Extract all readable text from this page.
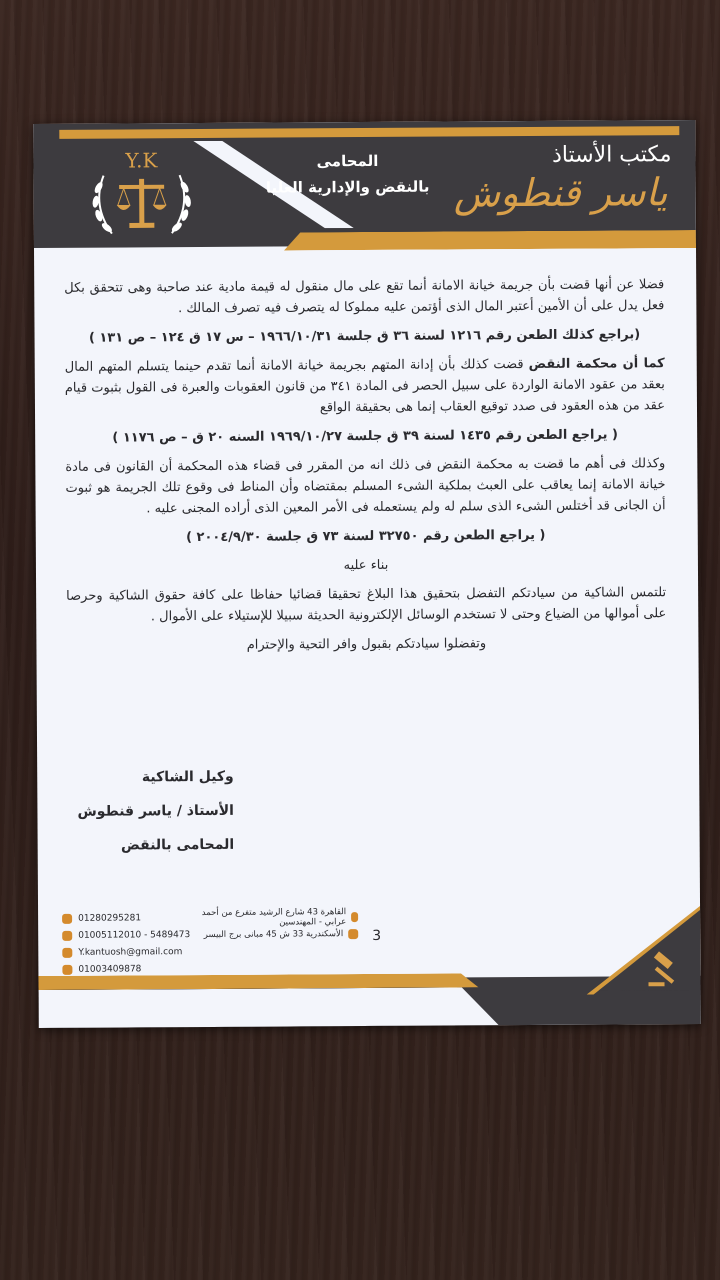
Y.K	مكتب الأستاذ
ياسر قنطوش
المحامى
بالنقض والإدارية العليا

فضلا عن أنها قضت بأن جريمة خيانة الامانة أنما تقع على مال منقول له قيمة مادية عند صاحبة وهى تتحقق بكل فعل يدل على أن الأمين أعتبر المال الذى أؤتمن عليه مملوكا له يتصرف فيه تصرف المالك .

(براجع كذلك الطعن رقم ١٢١٦ لسنة ٣٦ ق جلسة ١٩٦٦/١٠/٣١ – س ١٧ ق ١٢٤ – ص ١٣١ )

كما أن محكمة النقض قضت كذلك بأن إدانة المتهم بجريمة خيانة الامانة أنما تقدم حينما يتسلم المتهم المال بعقد من عقود الامانة الواردة على سبيل الحصر فى المادة ٣٤١ من قانون العقوبات والعبرة فى القول بثبوت قيام عقد من هذه العقود فى صدد توقيع العقاب إنما هى بحقيقة الواقع

( يراجع الطعن رقم ١٤٣٥ لسنة ٣٩ ق جلسة ١٩٦٩/١٠/٢٧ السنه ٢٠ ق – ص ١١٧٦ )

وكذلك فى أهم ما قضت به محكمة النقض فى ذلك انه من المقرر فى قضاء هذه المحكمة أن القانون فى مادة خيانة الامانة إنما يعاقب على العبث بملكية الشىء المسلم بمقتضاه وأن المناط فى وقوع تلك الجريمة هو ثبوت أن الجانى قد أختلس الشىء الذى سلم له ولم يستعمله فى الأمر المعين الذى أراده المجنى عليه .

( يراجع الطعن رقم ٣٢٧٥٠ لسنة ٧٣ ق جلسة ٢٠٠٤/٩/٣٠ )

بناء عليه

تلتمس الشاكية من سيادتكم التفضل بتحقيق هذا البلاغ تحقيقا قضائيا حفاظا على كافة حقوق الشاكية وحرصا على أموالها من الضياع وحتى لا تستخدم الوسائل الإلكترونية الحديثة سبيلا للإستيلاء على الأموال .

وتفضلوا سيادتكم بقبول وافر التحية والإحترام

وكيل الشاكية
الأستاذ / ياسر قنطوش
المحامى بالنقض
01280295281
01005112010 - 5489473
Y.kantuosh@gmail.com
01003409878
القاهرة 43 شارع الرشيد متفرع من أحمد عرابي - المهندسين
الأسكندرية 33 ش 45 مبانى برج البيسر 3
